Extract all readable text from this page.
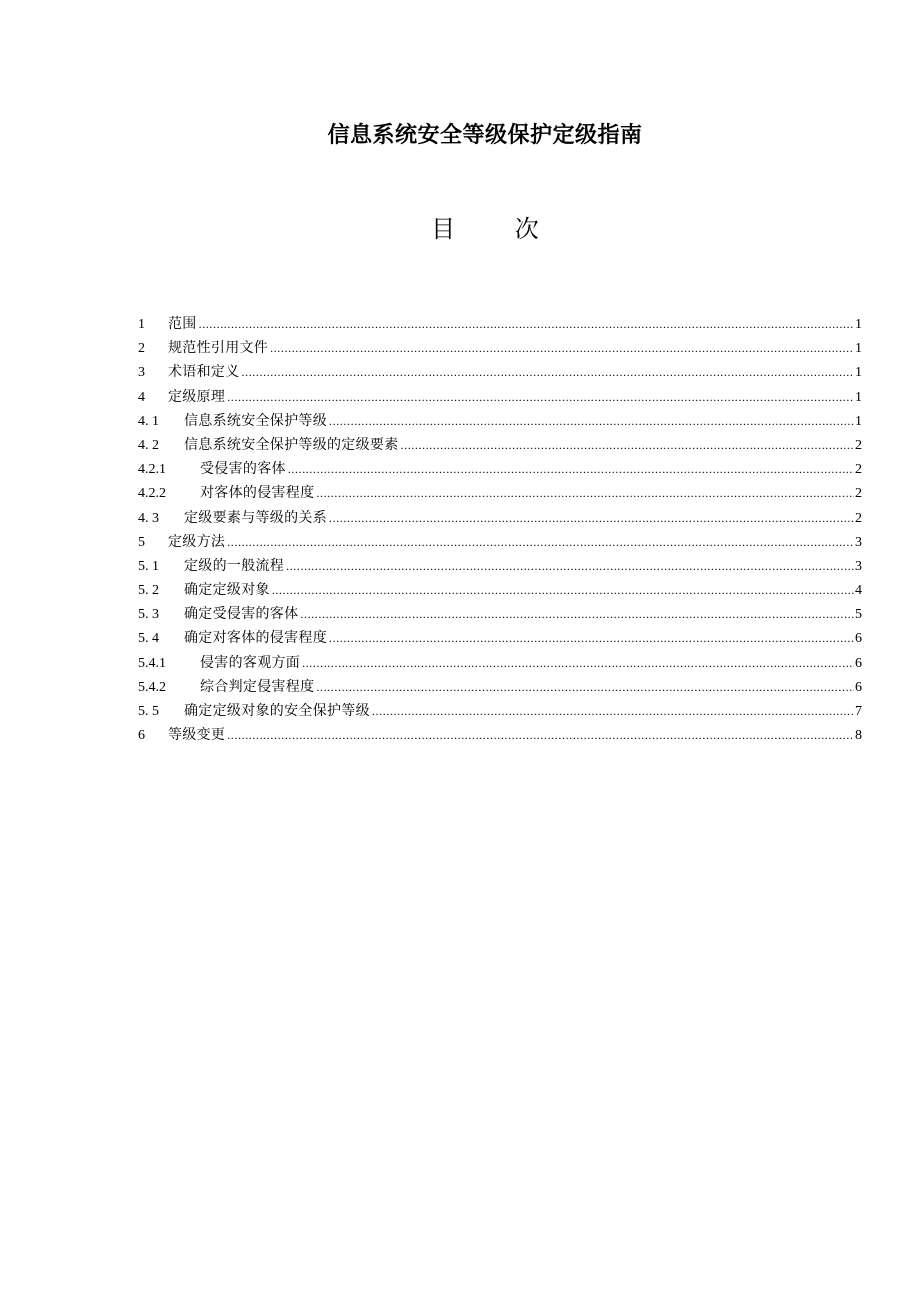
信息系统安全等级保护定级指南
目 次
1	范围 .....	1
2	规范性引用文件 .....	1
3	术语和定义 .....	1
4	定级原理 .....	1
4. 1	信息系统安全保护等级 .....	1
4. 2	信息系统安全保护等级的定级要素 .....	2
4.2.1	受侵害的客体 .....	2
4.2.2	对客体的侵害程度 .....	2
4. 3	定级要素与等级的关系 .....	2
5	定级方法 .....	3
5. 1	定级的一般流程 .....	3
5. 2	确定定级对象 .....	4
5. 3	确定受侵害的客体 .....	5
5. 4	确定对客体的侵害程度 .....	6
5.4.1	侵害的客观方面 .....	6
5.4.2	综合判定侵害程度 .....	6
5. 5	确定定级对象的安全保护等级 .....	7
6	等级变更 .....	8
